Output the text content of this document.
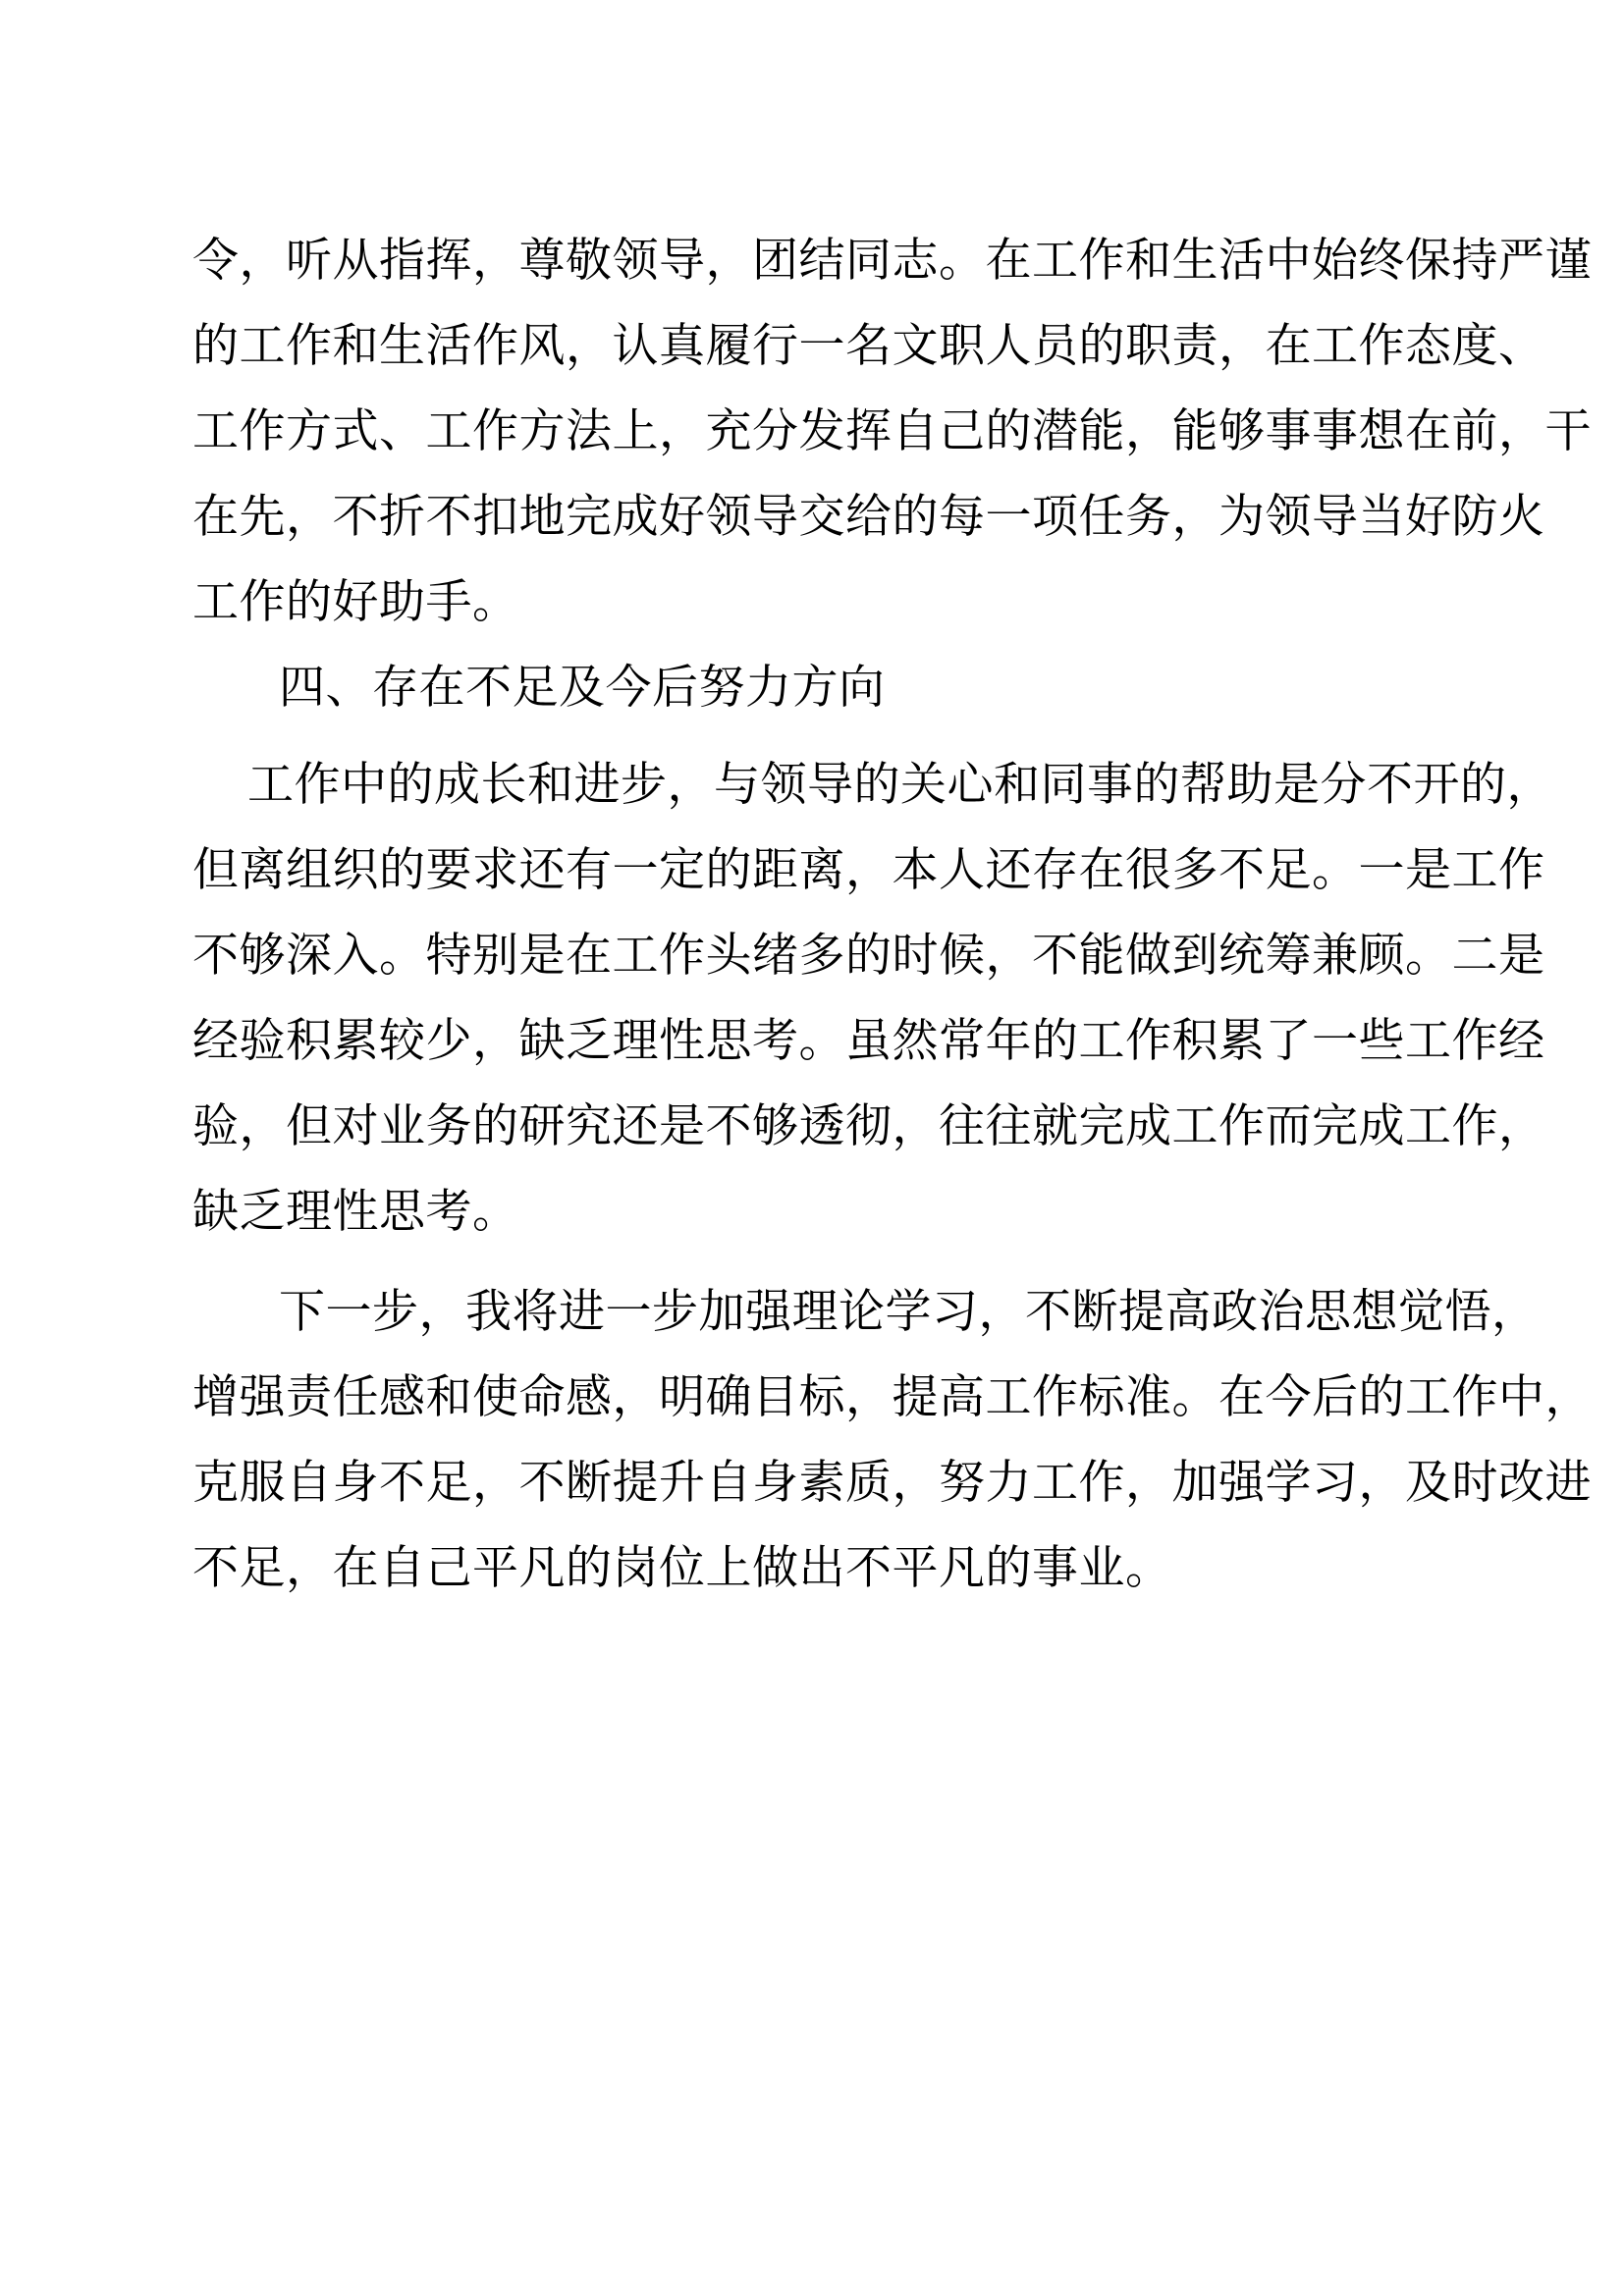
令，听从指挥，尊敬领导，团结同志。在工作和生活中始终保持严谨
的工作和生活作风，认真履行一名文职人员的职责，在工作态度、
工作方式、工作方法上，充分发挥自己的潜能，能够事事想在前，干
在先，不折不扣地完成好领导交给的每一项任务，为领导当好防火
工作的好助手。
四、存在不足及今后努力方向
工作中的成长和进步，与领导的关心和同事的帮助是分不开的，
但离组织的要求还有一定的距离，本人还存在很多不足。一是工作
不够深入。特别是在工作头绪多的时候，不能做到统筹兼顾。二是
经验积累较少，缺乏理性思考。虽然常年的工作积累了一些工作经
验，但对业务的研究还是不够透彻，往往就完成工作而完成工作，
缺乏理性思考。
下一步，我将进一步加强理论学习，不断提高政治思想觉悟，
增强责任感和使命感，明确目标，提高工作标准。在今后的工作中，
克服自身不足，不断提升自身素质，努力工作，加强学习，及时改进
不足，在自己平凡的岗位上做出不平凡的事业。
